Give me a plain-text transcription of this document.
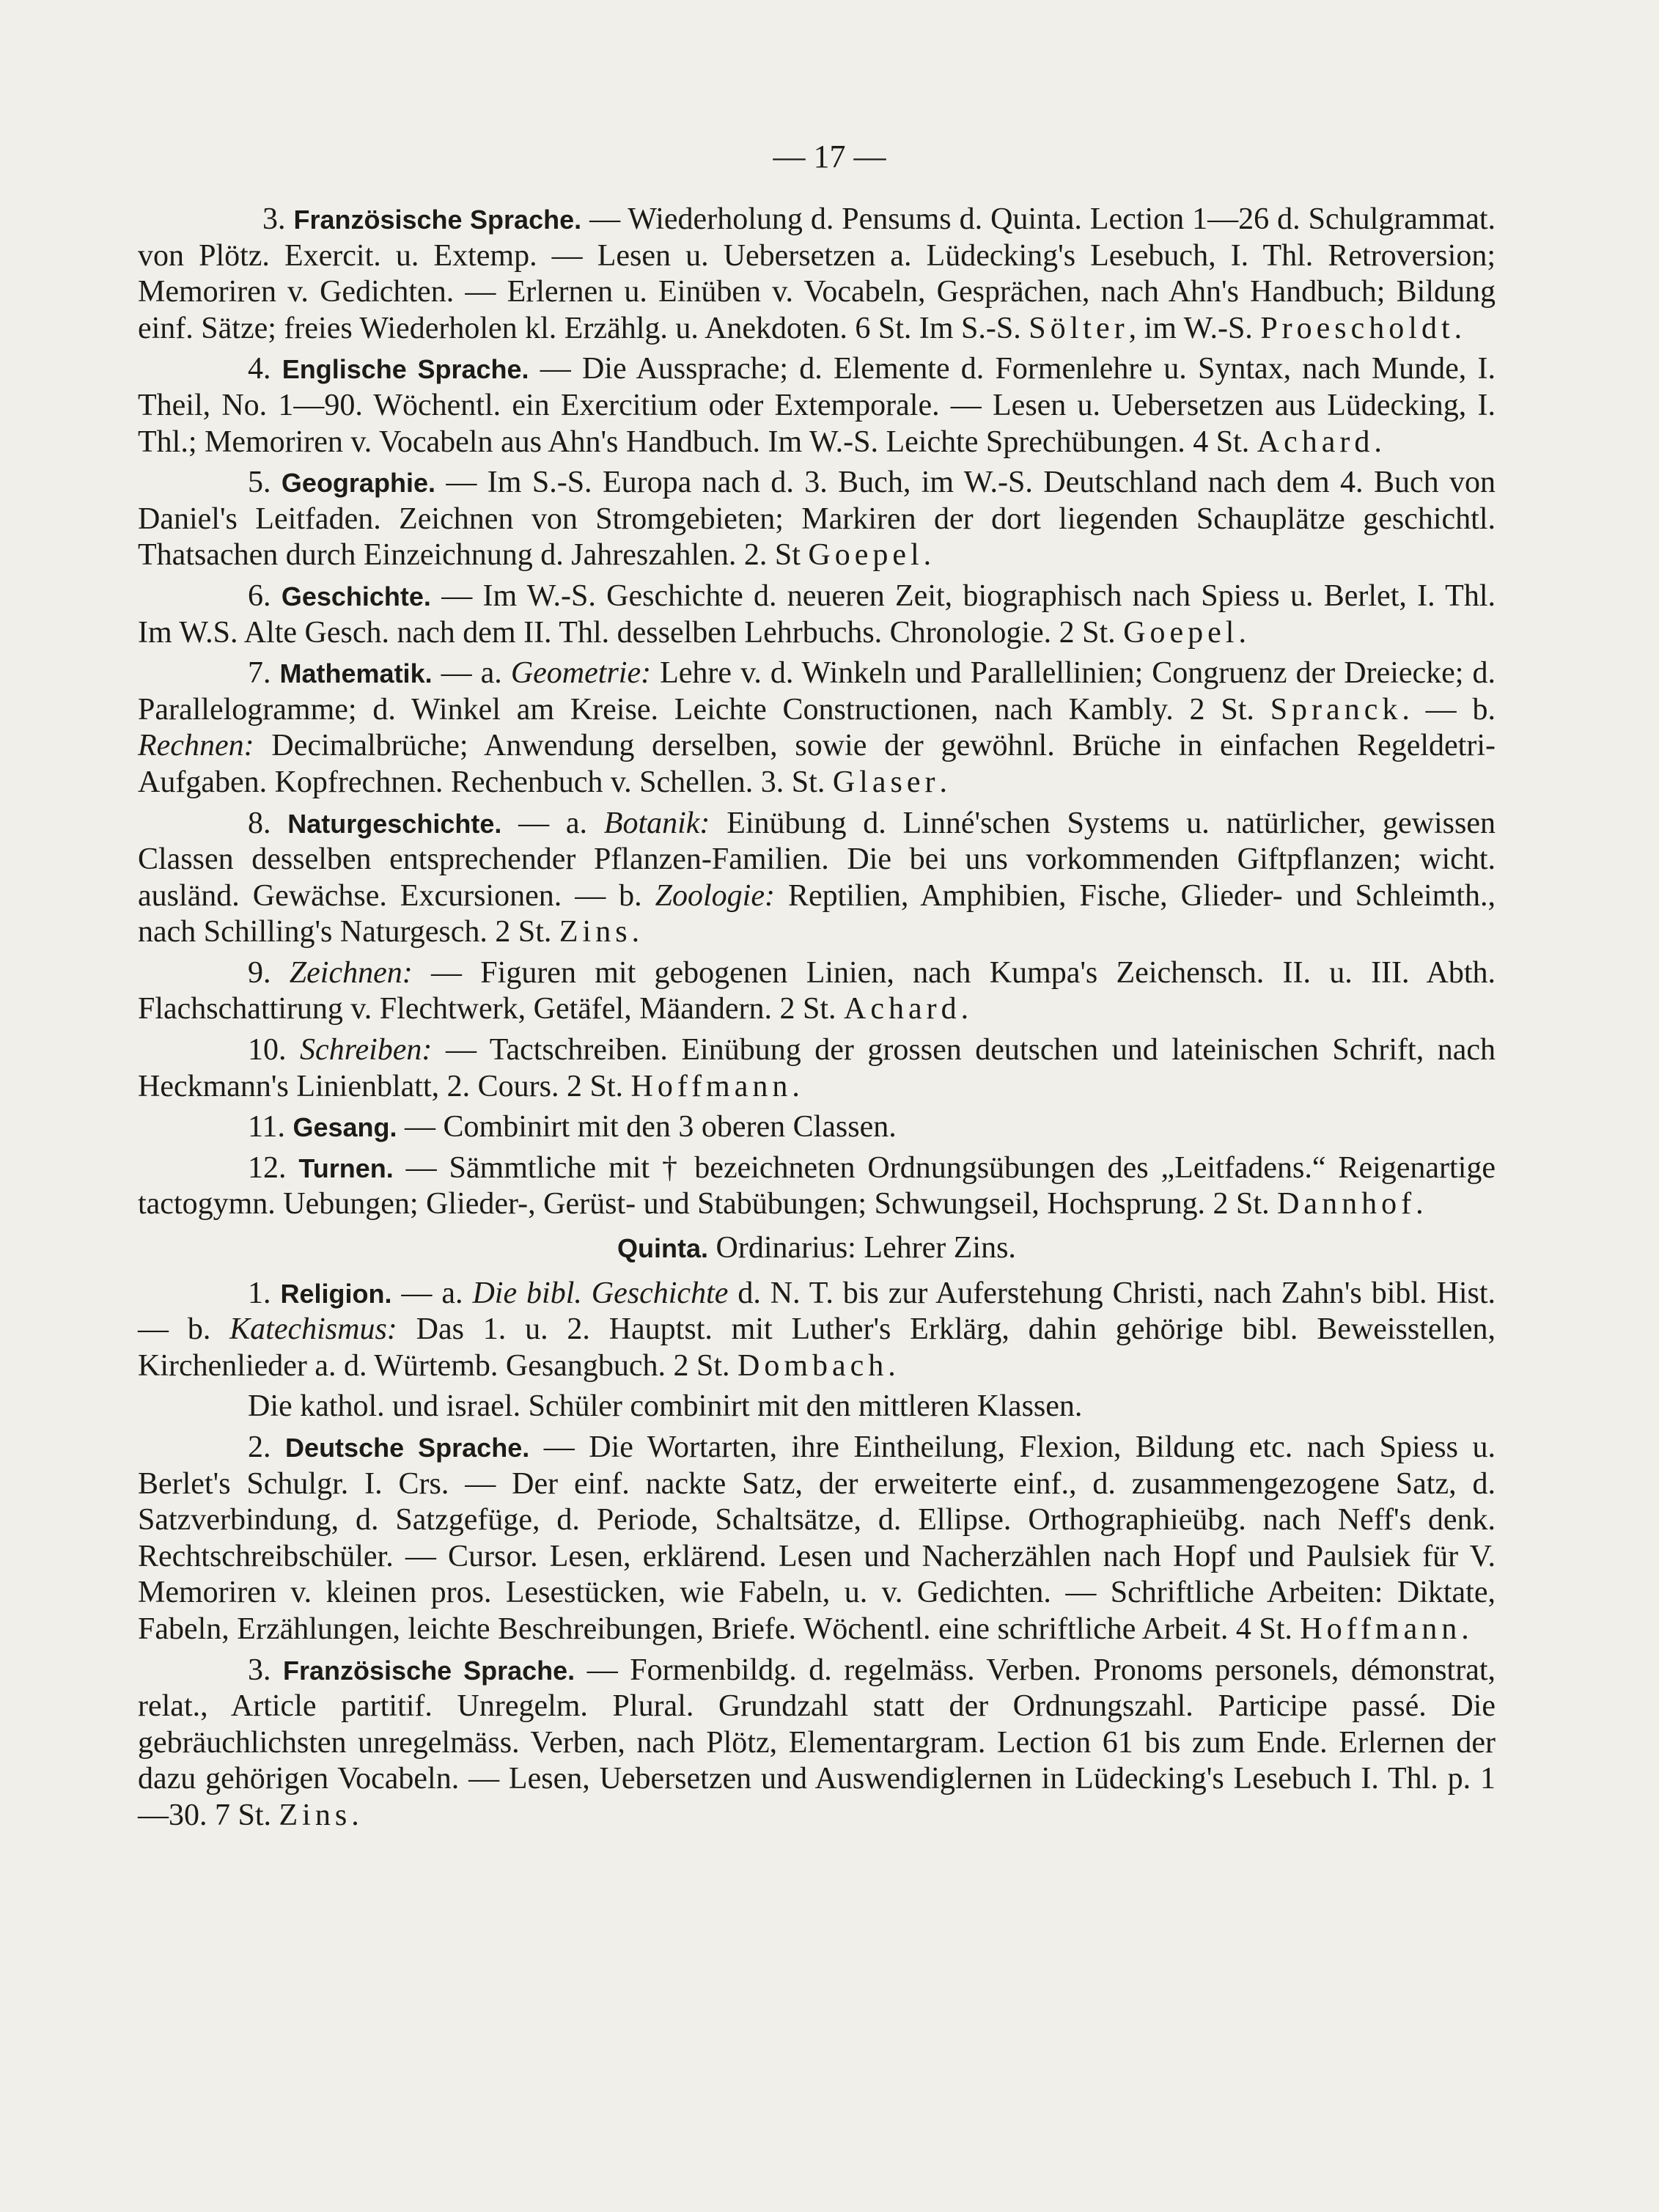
— 17 —

3. Französische Sprache. — Wiederholung d. Pensums d. Quinta. Lection 1—26 d. Schulgrammat. von Plötz. Exercit. u. Extemp. — Lesen u. Uebersetzen a. Lüdecking's Lesebuch, I. Thl. Retroversion; Memoriren v. Gedichten. — Erlernen u. Einüben v. Vocabeln, Gesprächen, nach Ahn's Handbuch; Bildung einf. Sätze; freies Wiederholen kl. Erzählg. u. Anekdoten. 6 St. Im S.-S. Sölter, im W.-S. Proescholdt.

4. Englische Sprache. — Die Aussprache; d. Elemente d. Formenlehre u. Syntax, nach Munde, I. Theil, No. 1—90. Wöchentl. ein Exercitium oder Extemporale. — Lesen u. Uebersetzen aus Lüdecking, I. Thl.; Memoriren v. Vocabeln aus Ahn's Handbuch. Im W.-S. Leichte Sprechübungen. 4 St. Achard.

5. Geographie. — Im S.-S. Europa nach d. 3. Buch, im W.-S. Deutschland nach dem 4. Buch von Daniel's Leitfaden. Zeichnen von Stromgebieten; Markiren der dort liegenden Schauplätze geschichtl. Thatsachen durch Einzeichnung d. Jahreszahlen. 2. St Goepel.

6. Geschichte. — Im W.-S. Geschichte d. neueren Zeit, biographisch nach Spiess u. Berlet, I. Thl. Im W.S. Alte Gesch. nach dem II. Thl. desselben Lehrbuchs. Chronologie. 2 St. Goepel.

7. Mathematik. — a. Geometrie: Lehre v. d. Winkeln und Parallellinien; Congruenz der Dreiecke; d. Parallelogramme; d. Winkel am Kreise. Leichte Constructionen, nach Kambly. 2 St. Spranck. — b. Rechnen: Decimalbrüche; Anwendung derselben, sowie der gewöhnl. Brüche in einfachen Regeldetri-Aufgaben. Kopfrechnen. Rechenbuch v. Schellen. 3. St. Glaser.

8. Naturgeschichte. — a. Botanik: Einübung d. Linné'schen Systems u. natürlicher, gewissen Classen desselben entsprechender Pflanzen-Familien. Die bei uns vorkommenden Giftpflanzen; wicht. ausländ. Gewächse. Excursionen. — b. Zoologie: Reptilien, Amphibien, Fische, Glieder- und Schleimth., nach Schilling's Naturgesch. 2 St. Zins.

9. Zeichnen: — Figuren mit gebogenen Linien, nach Kumpa's Zeichensch. II. u. III. Abth. Flachschattirung v. Flechtwerk, Getäfel, Mäandern. 2 St. Achard.

10. Schreiben: — Tactschreiben. Einübung der grossen deutschen und lateinischen Schrift, nach Heckmann's Linienblatt, 2. Cours. 2 St. Hoffmann.

11. Gesang. — Combinirt mit den 3 oberen Classen.

12. Turnen. — Sämmtliche mit † bezeichneten Ordnungsübungen des „Leitfadens.“ Reigenartige tactogymn. Uebungen; Glieder-, Gerüst- und Stabübungen; Schwungseil, Hochsprung. 2 St. Dannhof.

Quinta. Ordinarius: Lehrer Zins.

1. Religion. — a. Die bibl. Geschichte d. N. T. bis zur Auferstehung Christi, nach Zahn's bibl. Hist. — b. Katechismus: Das 1. u. 2. Hauptst. mit Luther's Erklärg, dahin gehörige bibl. Beweisstellen, Kirchenlieder a. d. Würtemb. Gesangbuch. 2 St. Dombach.

Die kathol. und israel. Schüler combinirt mit den mittleren Klassen.

2. Deutsche Sprache. — Die Wortarten, ihre Eintheilung, Flexion, Bildung etc. nach Spiess u. Berlet's Schulgr. I. Crs. — Der einf. nackte Satz, der erweiterte einf., d. zusammengezogene Satz, d. Satzverbindung, d. Satzgefüge, d. Periode, Schaltsätze, d. Ellipse. Orthographieübg. nach Neff's denk. Rechtschreibschüler. — Cursor. Lesen, erklärend. Lesen und Nacherzählen nach Hopf und Paulsiek für V. Memoriren v. kleinen pros. Lesestücken, wie Fabeln, u. v. Gedichten. — Schriftliche Arbeiten: Diktate, Fabeln, Erzählungen, leichte Beschreibungen, Briefe. Wöchentl. eine schriftliche Arbeit. 4 St. Hoffmann.

3. Französische Sprache. — Formenbildg. d. regelmäss. Verben. Pronoms personels, démonstrat, relat., Article partitif. Unregelm. Plural. Grundzahl statt der Ordnungszahl. Participe passé. Die gebräuchlichsten unregelmäss. Verben, nach Plötz, Elementargram. Lection 61 bis zum Ende. Erlernen der dazu gehörigen Vocabeln. — Lesen, Uebersetzen und Auswendiglernen in Lüdecking's Lesebuch I. Thl. p. 1—30. 7 St. Zins.
